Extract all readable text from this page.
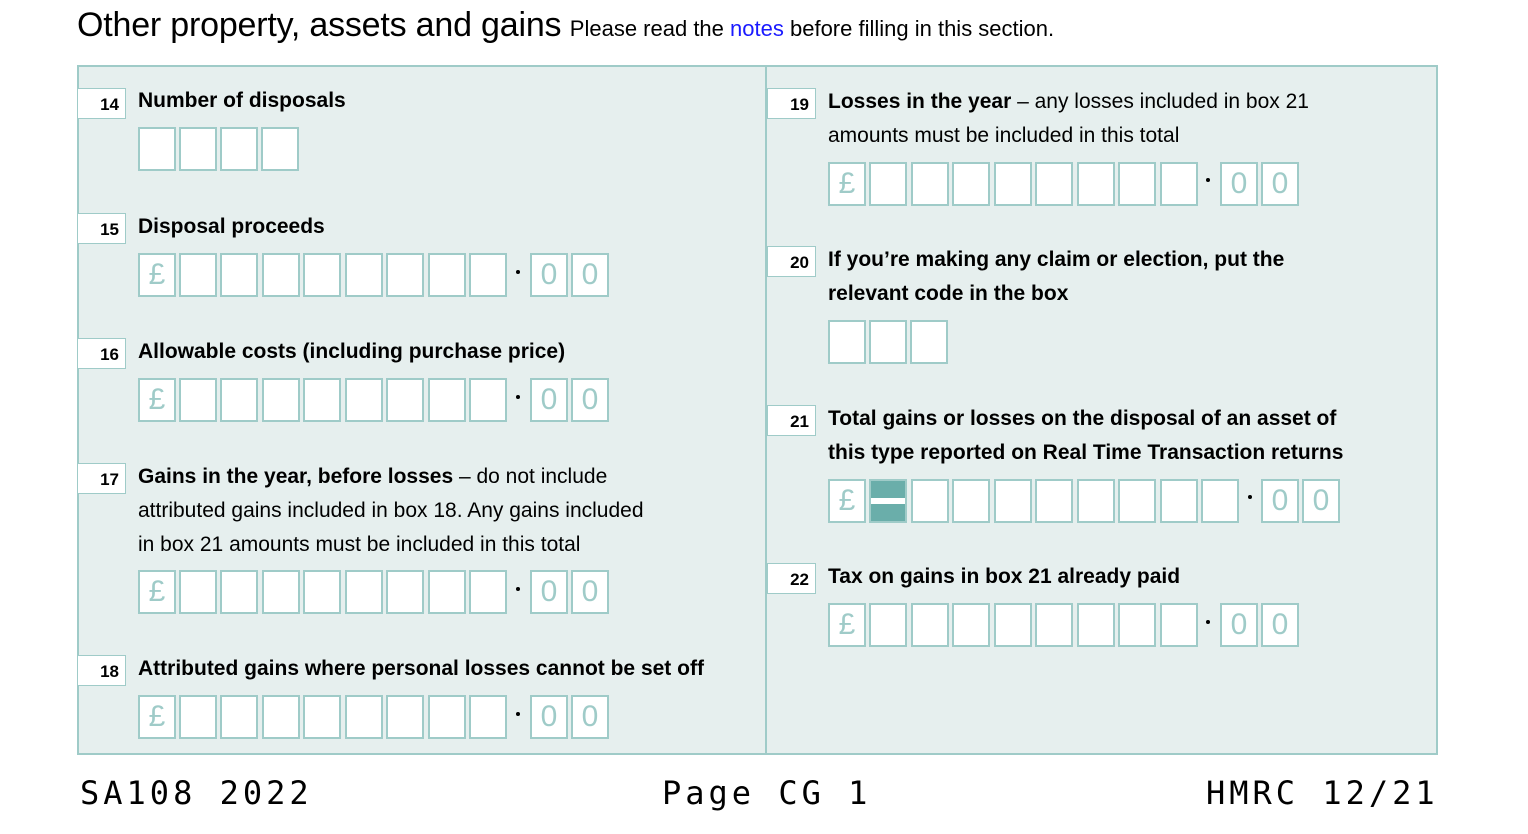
Other property, assets and gains Please read the notes before filling in this section.
14 Number of disposals
15 Disposal proceeds
£	0 0
16 Allowable costs (including purchase price)
£	0 0
17 Gains in the year, before losses – do not include
attributed gains included in box 18. Any gains included
in box 21 amounts must be included in this total
£	0 0
18 Attributed gains where personal losses cannot be set off
£	0 0
19 Losses in the year – any losses included in box 21
amounts must be included in this total
£	0 0
20 If you’re making any claim or election, put the
relevant code in the box
21 Total gains or losses on the disposal of an asset of
this type reported on Real Time Transaction returns
£	0 0
22 Tax on gains in box 21 already paid
£	0 0
SA108 2022	Page CG 1	HMRC 12/21
